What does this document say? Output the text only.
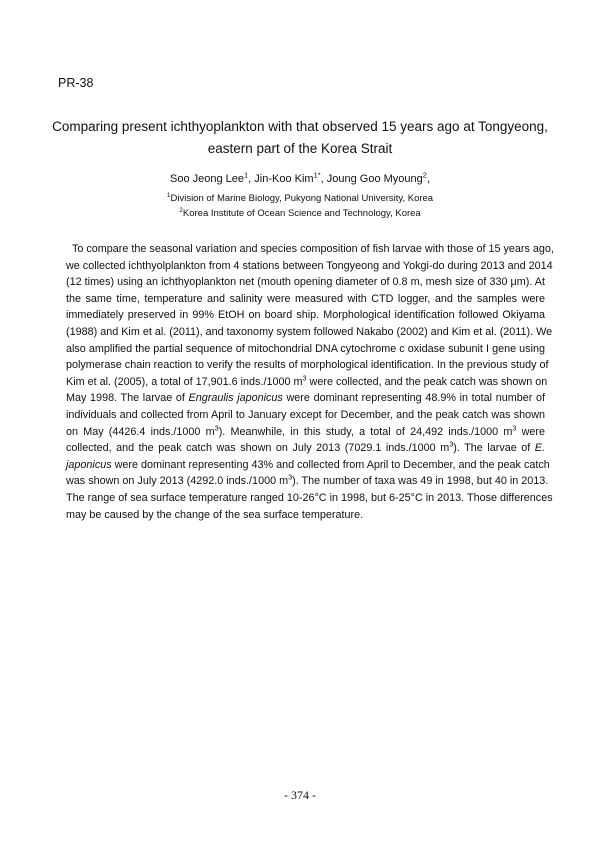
PR-38
Comparing present ichthyoplankton with that observed 15 years ago at Tongyeong,
eastern part of the Korea Strait
Soo Jeong Lee$^1$, Jin-Koo Kim$^{1*}$, Joung Goo Myoung$^2$,
$^1$Division of Marine Biology, Pukyong National University, Korea
$^2$Korea Institute of Ocean Science and Technology, Korea
To compare the seasonal variation and species composition of fish larvae with those of 15 years ago,
we collected ichthyolplankton from 4 stations between Tongyeong and Yokgi-do during 2013 and 2014
(12 times) using an ichthyoplankton net (mouth opening diameter of 0.8 m, mesh size of 330 μm). At
the same time, temperature and salinity were measured with CTD logger, and the samples were
immediately preserved in 99% EtOH on board ship. Morphological identification followed Okiyama
(1988) and Kim et al. (2011), and taxonomy system followed Nakabo (2002) and Kim et al. (2011). We
also amplified the partial sequence of mitochondrial DNA cytochrome c oxidase subunit I gene using
polymerase chain reaction to verify the results of morphological identification. In the previous study of
Kim et al. (2005), a total of 17,901.6 inds./1000 $m^3$ were collected, and the peak catch was shown on
May 1998. The larvae of Engraulis japonicus were dominant representing 48.9% in total number of
individuals and collected from April to January except for December, and the peak catch was shown
on May (4426.4 inds./1000 $m^3$). Meanwhile, in this study, a total of 24,492 inds./1000 $m^3$ were
collected, and the peak catch was shown on July 2013 (7029.1 inds./1000 $m^3$). The larvae of E.
japonicus were dominant representing 43% and collected from April to December, and the peak catch
was shown on July 2013 (4292.0 inds./1000 $m^3$). The number of taxa was 49 in 1998, but 40 in 2013.
The range of sea surface temperature ranged 10-26°C in 1998, but 6-25°C in 2013. Those differences
may be caused by the change of the sea surface temperature.
- 374 -
